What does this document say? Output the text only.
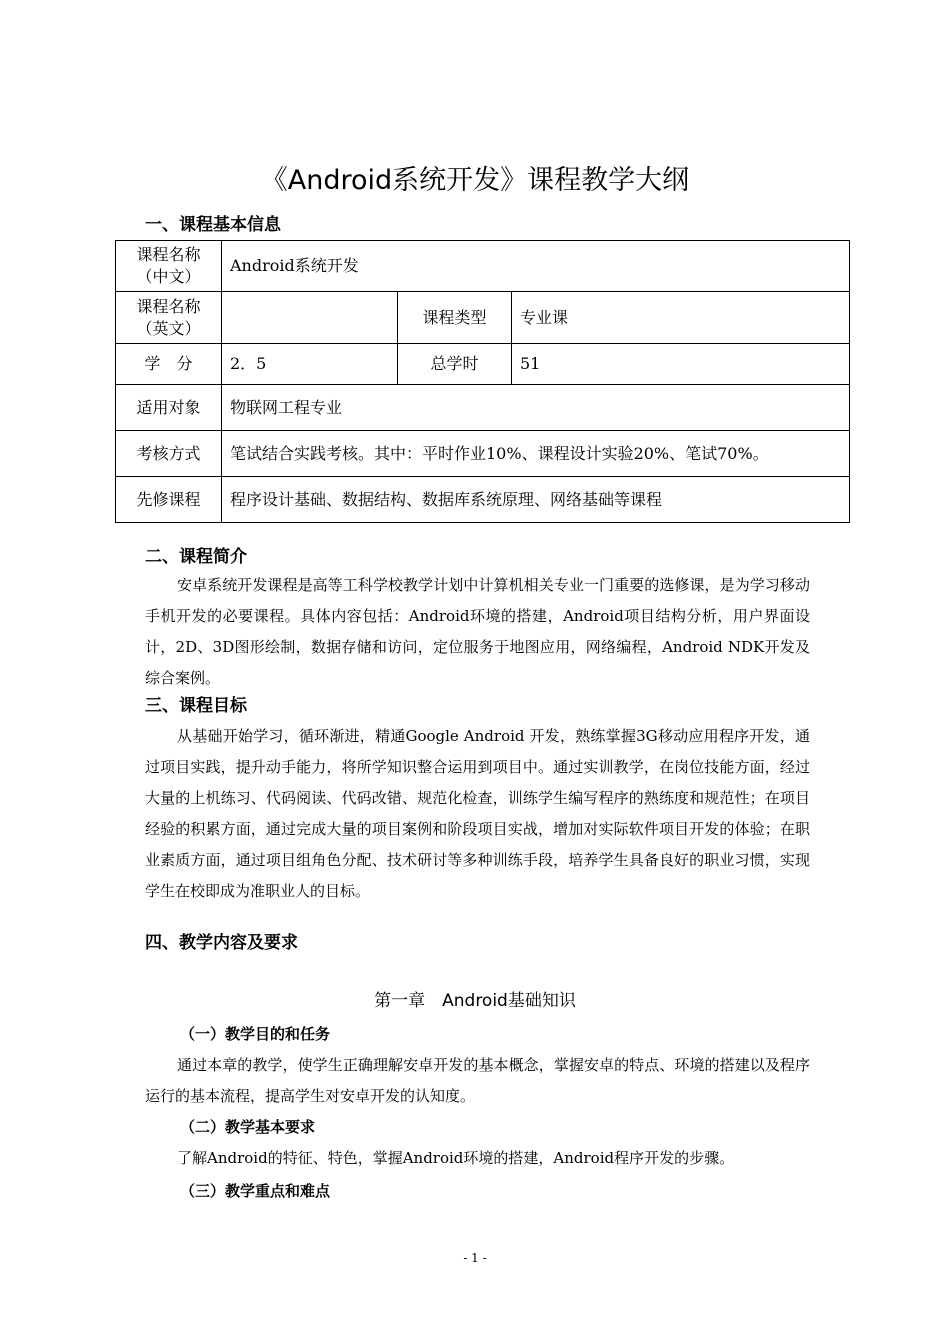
《Android系统开发》课程教学大纲
一、课程基本信息
课程名称
（中文）	Android系统开发		
课程名称
（英文）		课程类型	专业课
学　分	2．5	总学时	51
适用对象	物联网工程专业		
考核方式	笔试结合实践考核。其中：平时作业10%、课程设计实验20%、笔试70%。		
先修课程	程序设计基础、数据结构、数据库系统原理、网络基础等课程		
二、课程简介
安卓系统开发课程是高等工科学校教学计划中计算机相关专业一门重要的选修课，是为学习移动手机开发的必要课程。具体内容包括：Android环境的搭建，Android项目结构分析，用户界面设计，2D、3D图形绘制，数据存储和访问，定位服务于地图应用，网络编程，Android NDK开发及综合案例。
三、课程目标
从基础开始学习，循环渐进，精通Google Android 开发，熟练掌握3G移动应用程序开发，通过项目实践，提升动手能力，将所学知识整合运用到项目中。通过实训教学，在岗位技能方面，经过大量的上机练习、代码阅读、代码改错、规范化检查，训练学生编写程序的熟练度和规范性；在项目经验的积累方面，通过完成大量的项目案例和阶段项目实战，增加对实际软件项目开发的体验；在职业素质方面，通过项目组角色分配、技术研讨等多种训练手段，培养学生具备良好的职业习惯，实现学生在校即成为准职业人的目标。
四、教学内容及要求
第一章　Android基础知识
（一）教学目的和任务
通过本章的教学，使学生正确理解安卓开发的基本概念，掌握安卓的特点、环境的搭建以及程序运行的基本流程，提高学生对安卓开发的认知度。
（二）教学基本要求
了解Android的特征、特色，掌握Android环境的搭建，Android程序开发的步骤。
（三）教学重点和难点
- 1 -
